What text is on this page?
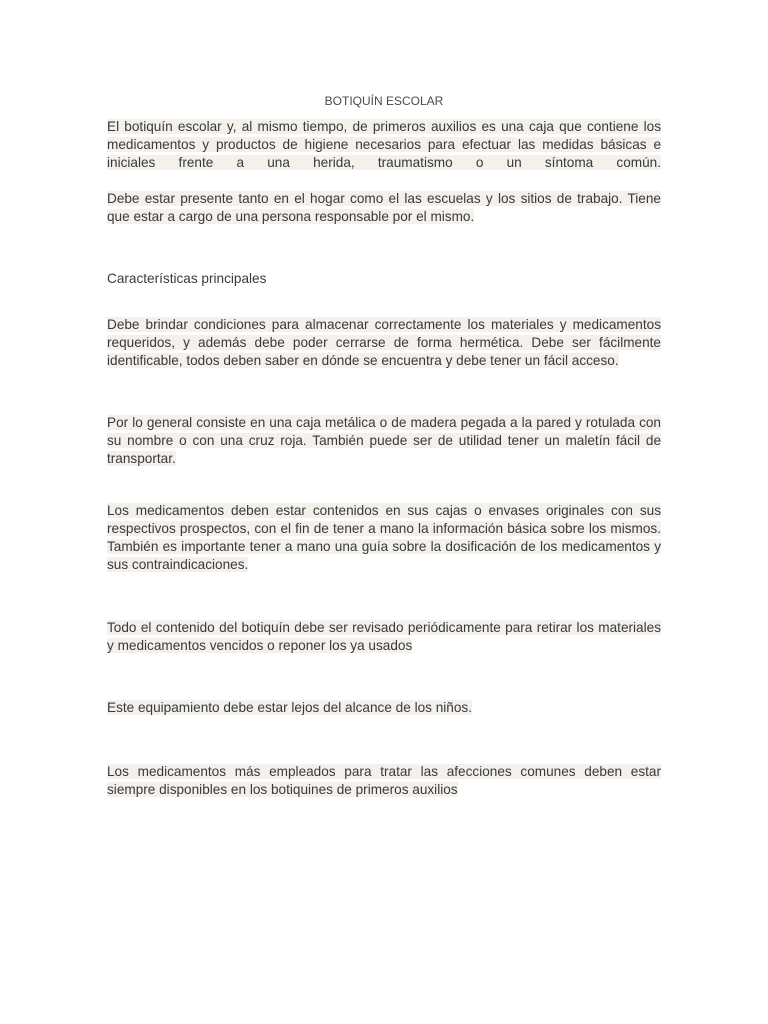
BOTIQUÍN ESCOLAR

El botiquín escolar y, al mismo tiempo, de primeros auxilios es una caja que contiene los medicamentos y productos de higiene necesarios para efectuar las medidas básicas e iniciales frente a una herida, traumatismo o un síntoma común.

Debe estar presente tanto en el hogar como el las escuelas y los sitios de trabajo. Tiene que estar a cargo de una persona responsable por el mismo.

Características principales

Debe brindar condiciones para almacenar correctamente los materiales y medicamentos requeridos, y además debe poder cerrarse de forma hermética. Debe ser fácilmente identificable, todos deben saber en dónde se encuentra y debe tener un fácil acceso.

Por lo general consiste en una caja metálica o de madera pegada a la pared y rotulada con su nombre o con una cruz roja. También puede ser de utilidad tener un maletín fácil de transportar.

Los medicamentos deben estar contenidos en sus cajas o envases originales con sus respectivos prospectos, con el fin de tener a mano la información básica sobre los mismos. También es importante tener a mano una guía sobre la dosificación de los medicamentos y sus contraindicaciones.

Todo el contenido del botiquín debe ser revisado periódicamente para retirar los materiales y medicamentos vencidos o reponer los ya usados

Este equipamiento debe estar lejos del alcance de los niños.

Los medicamentos más empleados para tratar las afecciones comunes deben estar siempre disponibles en los botiquines de primeros auxilios
